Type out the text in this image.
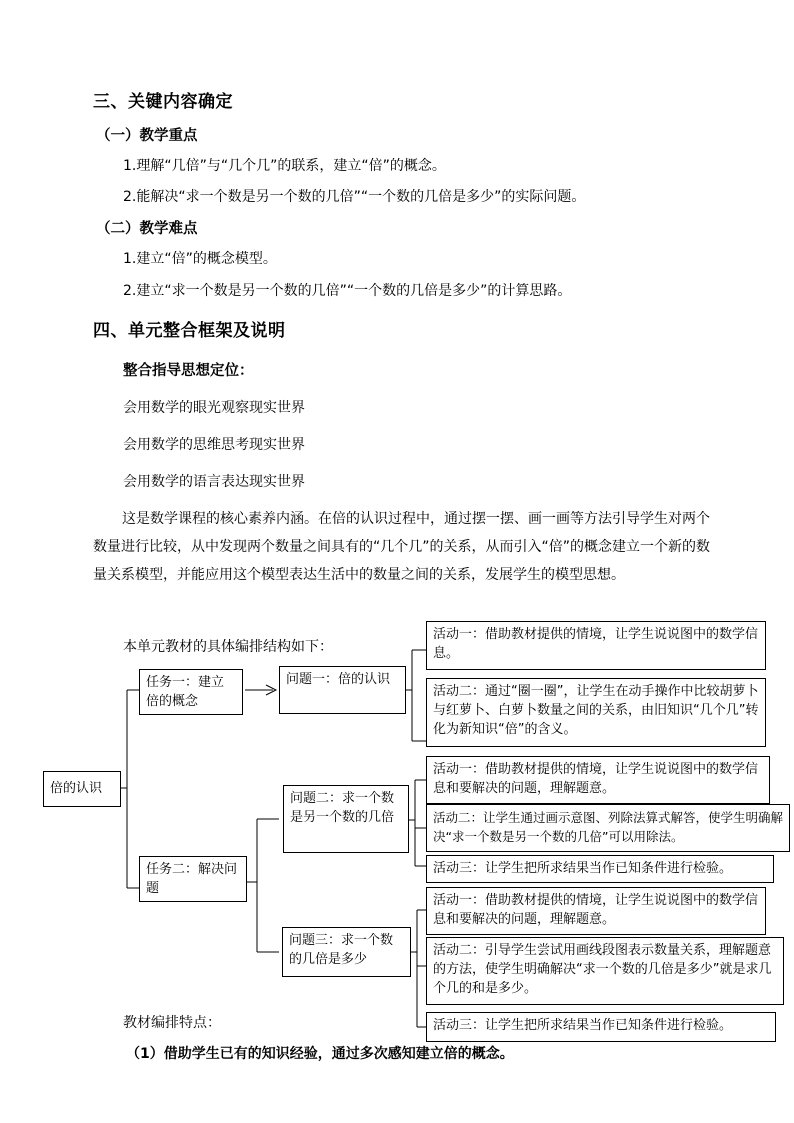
三、关键内容确定
（一）教学重点
1.理解“几倍”与“几个几”的联系，建立“倍”的概念。
2.能解决“求一个数是另一个数的几倍”“一个数的几倍是多少”的实际问题。
（二）教学难点
1.建立“倍”的概念模型。
2.建立“求一个数是另一个数的几倍”“一个数的几倍是多少”的计算思路。
四、单元整合框架及说明
整合指导思想定位：
会用数学的眼光观察现实世界
会用数学的思维思考现实世界
会用数学的语言表达现实世界
这是数学课程的核心素养内涵。在倍的认识过程中，通过摆一摆、画一画等方法引导学生对两个数量进行比较，从中发现两个数量之间具有的“几个几”的关系，从而引入“倍”的概念建立一个新的数量关系模型，并能应用这个模型表达生活中的数量之间的关系，发展学生的模型思想。
本单元教材的具体编排结构如下：
倍的认识
任务一：建立倍的概念
任务二：解决问题
问题一：倍的认识
问题二：求一个数是另一个数的几倍
问题三：求一个数的几倍是多少
活动一：借助教材提供的情境，让学生说说图中的数学信息。
活动二：通过“圈一圈”，让学生在动手操作中比较胡萝卜与红萝卜、白萝卜数量之间的关系，由旧知识“几个几”转化为新知识“倍”的含义。
活动一：借助教材提供的情境，让学生说说图中的数学信息和要解决的问题，理解题意。
活动二：让学生通过画示意图、列除法算式解答，使学生明确解决“求一个数是另一个数的几倍”可以用除法。
活动三：让学生把所求结果当作已知条件进行检验。
活动一：借助教材提供的情境，让学生说说图中的数学信息和要解决的问题，理解题意。
活动二：引导学生尝试用画线段图表示数量关系，理解题意的方法，使学生明确解决“求一个数的几倍是多少”就是求几个几的和是多少。
活动三：让学生把所求结果当作已知条件进行检验。
教材编排特点：
（1）借助学生已有的知识经验，通过多次感知建立倍的概念。
